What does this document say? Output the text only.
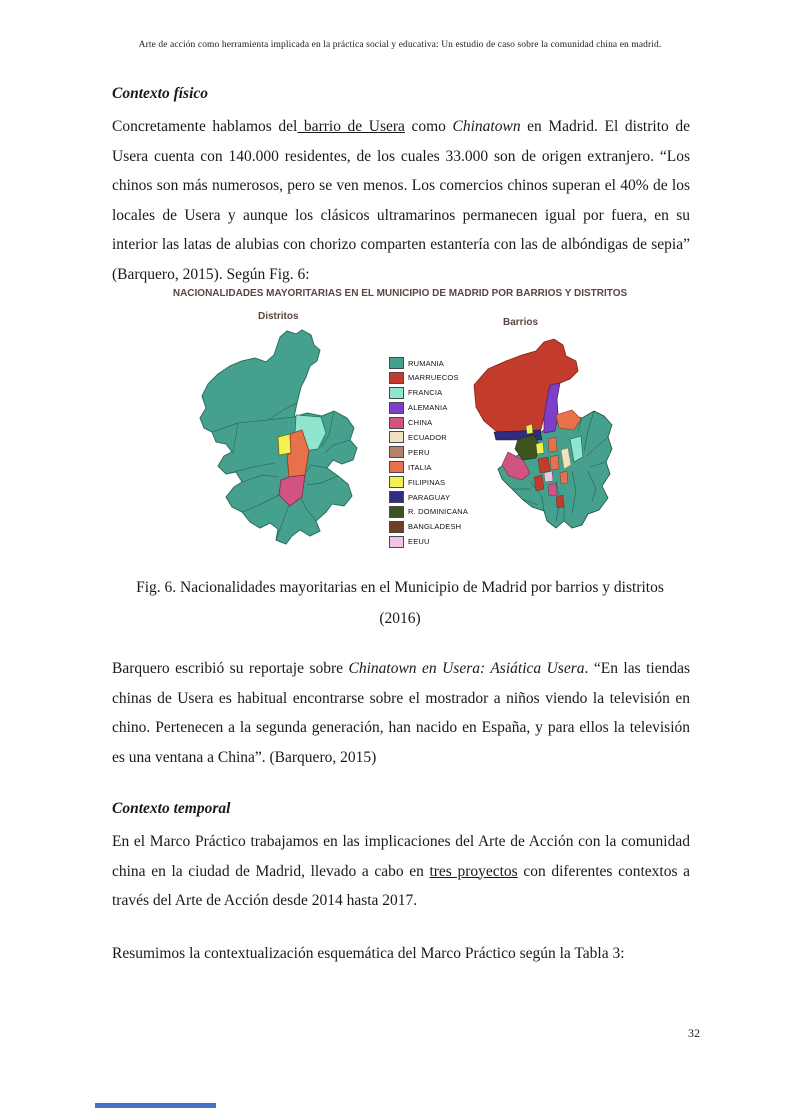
Arte de acción como herramienta implicada en la práctica social y educativa: Un estudio de caso sobre la comunidad china en madrid.
Contexto físico
Concretamente hablamos del barrio de Usera como Chinatown en Madrid. El distrito de Usera cuenta con 140.000 residentes, de los cuales 33.000 son de origen extranjero. “Los chinos son más numerosos, pero se ven menos. Los comercios chinos superan el 40% de los locales de Usera y aunque los clásicos ultramarinos permanecen igual por fuera, en su interior las latas de alubias con chorizo comparten estantería con las de albóndigas de sepia” (Barquero, 2015). Según Fig. 6:
NACIONALIDADES MAYORITARIAS EN EL MUNICIPIO DE MADRID POR BARRIOS Y DISTRITOS
Distritos
Barrios
RUMANIA
MARRUECOS
FRANCIA
ALEMANIA
CHINA
ECUADOR
PERU
ITALIA
FILIPINAS
PARAGUAY
R. DOMINICANA
BANGLADESH
EEUU
Fig. 6. Nacionalidades mayoritarias en el Municipio de Madrid por barrios y distritos
(2016)
Barquero escribió su reportaje sobre Chinatown en Usera: Asiática Usera. “En las tiendas chinas de Usera es habitual encontrarse sobre el mostrador a niños viendo la televisión en chino. Pertenecen a la segunda generación, han nacido en España, y para ellos la televisión es una ventana a China”. (Barquero, 2015)
Contexto temporal
En el Marco Práctico trabajamos en las implicaciones del Arte de Acción con la comunidad china en la ciudad de Madrid, llevado a cabo en tres proyectos con diferentes contextos a través del Arte de Acción desde 2014 hasta 2017.
Resumimos la contextualización esquemática del Marco Práctico según la Tabla 3:
32
